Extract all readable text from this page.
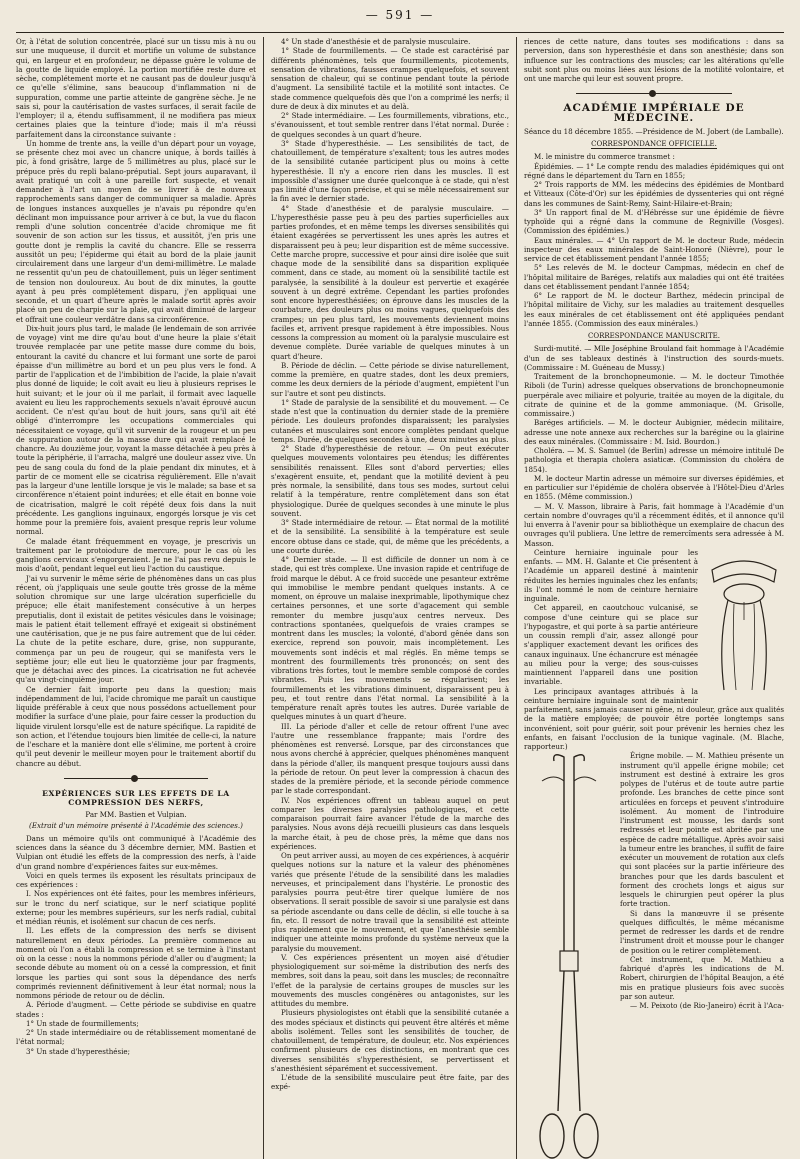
— 591 —

Or, à l'état de solution concentrée, placé sur un tissu mis à nu ou sur une muqueuse, il durcit et mortifie un volume de substance qui, en largeur et en profondeur, ne dépasse guère le volume de la goutte de liquide employé. La portion mortifiée reste dure et sèche, complétement morte et ne causant pas de douleur jusqu'à ce qu'elle s'élimine, sans beaucoup d'inflammation ni de suppuration, comme une partie atteinte de gangrène sèche. Je ne sais si, pour la cautérisation de vastes surfaces, il serait facile de l'employer; il a, étendu suffisamment, il ne modifiera pas mieux certaines plaies que la teinture d'iode; mais il m'a réussi parfaitement dans la circonstance suivante :

Un homme de trente ans, la veille d'un départ pour un voyage, se présente chez moi avec un chancre unique, à bords taillés à pic, à fond grisâtre, large de 5 millimètres au plus, placé sur le prépuce près du repli balano-préputial. Sept jours auparavant, il avait pratiqué un coït à une pareille fort suspecte, et venait demander à l'art un moyen de se livrer à de nouveaux rapprochements sans danger de communiquer sa maladie. Après de longues instances auxquelles je n'avais pu répondre qu'en déclinant mon impuissance pour arriver à ce but, la vue du flacon rempli d'une solution concentrée d'acide chromique me fit souvenir de son action sur les tissus, et aussitôt, j'en pris une goutte dont je remplis la cavité du chancre. Elle se resserra aussitôt un peu; l'épiderme qui était au bord de la plaie jaunit circulairement dans une largeur d'un demi-millimètre. Le malade ne ressentit qu'un peu de chatouillement, puis un léger sentiment de tension non douloureux. Au bout de dix minutes, la goutte ayant à peu près complétement disparu, j'en appliquai une seconde, et un quart d'heure après le malade sortit après avoir placé un peu de charpie sur la plaie, qui avait diminué de largeur et offrait une couleur verdâtre dans sa circonférence.

Dix-huit jours plus tard, le malade (le lendemain de son arrivée de voyage) vint me dire qu'au bout d'une heure la plaie s'était trouvée remplacée par une petite masse dure comme du bois, entourant la cavité du chancre et lui formant une sorte de paroi épaisse d'un millimètre au bord et un peu plus vers le fond. A partir de l'application et de l'imbibition de l'acide, la plaie n'avait plus donné de liquide; le coït avait eu lieu à plusieurs reprises le huit suivant; et le jour où il me parlait, il formait avec laquelle avaient eu lieu les rapprochements sexuels n'avait éprouvé aucun accident. Ce n'est qu'au bout de huit jours, sans qu'il ait été obligé d'interrompre les occupations commerciales qui nécessitaient ce voyage, qu'il vit survenir de la rougeur et un peu de suppuration autour de la masse dure qui avait remplacé le chancre. Au douzième jour, voyant la masse détachée à peu près à toute la périphérie, il l'arracha, malgré une douleur assez vive. Un peu de sang coula du fond de la plaie pendant dix minutes, et à partir de ce moment elle se cicatrisa régulièrement. Elle n'avait pas la largeur d'une lentille lorsque je vis le malade; sa base et sa circonférence n'étaient point indurées; et elle était en bonne voie de cicatrisation, malgré le coït répété deux fois dans la nuit précédente. Les ganglions inguinaux, engorgés lorsque je vis cet homme pour la première fois, avaient presque repris leur volume normal.

Ce malade étant fréquemment en voyage, je prescrivis un traitement par le protoiodure de mercure, pour le cas où les ganglions cervicaux s'engorgeraient. Je ne l'ai pas revu depuis le mois d'août, pendant lequel eut lieu l'action du caustique.

J'ai vu survenir le même série de phénomènes dans un cas plus récent, où j'appliquais une seule goutte très grosse de la même solution chromique sur une large ulcération superficielle du prépuce; elle était manifestement consécutive à un herpes preputialis, dont il existait de petites vésicules dans le voisinage; mais le patient était tellement effrayé et exigeait si obstinément une cautérisation, que je ne pus faire autrement que de lui céder. La chute de la petite eschare, dure, grise, non suppurante, commença par un peu de rougeur, qui se manifesta vers le septième jour; elle eut lieu le quatorzième jour par fragments, que je détachai avec des pinces. La cicatrisation ne fut achevée qu'au vingt-cinquième jour.

Ce dernier fait importe peu dans la question; mais indépendamment de lui, l'acide chromique me paraît un caustique liquide préférable à ceux que nous possédons actuellement pour modifier la surface d'une plaie, pour faire cesser la production du liquide virulent lorsqu'elle est de nature spécifique. La rapidité de son action, et l'étendue toujours bien limitée de celle-ci, la nature de l'eschare et la manière dont elle s'élimine, me portent à croire qu'il peut devenir le meilleur moyen pour le traitement abortif du chancre au début.

EXPÉRIENCES SUR LES EFFETS DE LA COMPRESSION DES NERFS,

Par MM. Bastien et Vulpian.

(Extrait d'un mémoire présenté à l'Académie des sciences.)

Dans un mémoire qu'ils ont communiqué à l'Académie des sciences dans la séance du 3 décembre dernier, MM. Bastien et Vulpian ont étudié les effets de la compression des nerfs, à l'aide d'un grand nombre d'expériences faites sur eux-mêmes.

Voici en quels termes ils exposent les résultats principaux de ces expériences :

I. Nos expériences ont été faites, pour les membres inférieurs, sur le tronc du nerf sciatique, sur le nerf sciatique poplité externe; pour les membres supérieurs, sur les nerfs radial, cubital et médian réunis, et isolément sur chacun de ces nerfs.

II. Les effets de la compression des nerfs se divisent naturellement en deux périodes. La première commence au moment où l'on a établi la compression et se termine à l'instant où on la cesse : nous la nommons période d'aller ou d'augment; la seconde débute au moment où on a cessé la compression, et finit lorsque les parties qui sont sous la dépendance des nerfs comprimés reviennent définitivement à leur état normal; nous la nommons période de retour ou de déclin.

A. Période d'augment. — Cette période se subdivise en quatre stades :

1° Un stade de fourmillements;

2° Un stade intermédiaire ou de rétablissement momentané de l'état normal;

3° Un stade d'hyperesthésie;

4° Un stade d'anesthésie et de paralysie musculaire.

1° Stade de fourmillements. — Ce stade est caractérisé par différents phénomènes, tels que fourmillements, picotements, sensation de vibrations, fausses crampes quelquefois, et souvent sensation de chaleur, qui se continue pendant toute la période d'augment. La sensibilité tactile et la motilité sont intactes. Ce stade commence quelquefois dès que l'on a comprimé les nerfs; il dure de deux à dix minutes et au delà.

2° Stade intermédiaire. — Les fourmillements, vibrations, etc., s'évanouissent, et tout semble rentrer dans l'état normal. Durée : de quelques secondes à un quart d'heure.

3° Stade d'hyperesthésie. — Les sensibilités de tact, de chatouillement, de température s'exaltent; tous les autres modes de la sensibilité cutanée participent plus ou moins à cette hyperesthésie. Il n'y a encore rien dans les muscles. Il est impossible d'assigner une durée quelconque à ce stade, qui n'est pas limité d'une façon précise, et qui se mêle nécessairement sur la fin avec le dernier stade.

4° Stade d'anesthésie et de paralysie musculaire. — L'hyperesthésie passe peu à peu des parties superficielles aux parties profondes, et en même temps les diverses sensibilités qui étaient exagérées se pervertissent les unes après les autres et disparaissent peu à peu; leur disparition est de même successive. Cette marche propre, successive et pour ainsi dire isolée que suit chaque mode de la sensibilité dans sa disparition expliquée comment, dans ce stade, au moment où la sensibilité tactile est paralysée, la sensibilité à la douleur est pervertie et exagérée souvent à un degré extrême. Cependant les parties profondes sont encore hyperesthésiées; on éprouve dans les muscles de la courbature, des douleurs plus ou moins vagues, quelquefois des crampes; un peu plus tard, les mouvements deviennent moins faciles et, arrivent presque rapidement à être impossibles. Nous cessons la compression au moment où la paralysie musculaire est devenue complète. Durée variable de quelques minutes à un quart d'heure.

B. Période de déclin. — Cette période se divise naturellement, comme la première, en quatre stades, dont les deux premiers, comme les deux derniers de la période d'augment, empiètent l'un sur l'autre et sont peu distincts.

1° Stade de paralysie de la sensibilité et du mouvement. — Ce stade n'est que la continuation du dernier stade de la première période. Les douleurs profondes disparaissent; les paralysies cutanées et musculaires sont encore complètes pendant quelque temps. Durée, de quelques secondes à une, deux minutes au plus.

2° Stade d'hyperesthésie de retour. — On peut exécuter quelques mouvements volontaires peu étendus; les différentes sensibilités renaissent. Elles sont d'abord perverties; elles s'exagèrent ensuite, et, pendant que la motilité devient à peu près normale, la sensibilité, dans tous ses modes, surtout celui relatif à la température, rentre complètement dans son état physiologique. Durée de quelques secondes à une minute le plus souvent.

3° Stade intermédiaire de retour. — État normal de la motilité et de la sensibilité. La sensibilité à la température est seule encore obtuse dans ce stade, qui, de même que les précédents, a une courte durée.

4° Dernier stade. — Il est difficile de donner un nom à ce stade, qui est très complexe. Une invasion rapide et centrifuge de froid marque le début. A ce froid succède une pesanteur extrême qui immobilise le membre pendant quelques instants. A ce moment, on éprouve un malaise inexprimable, lipothymique chez certaines personnes, et une sorte d'agacement qui semble remonter du membre jusqu'aux centres nerveux. Des contractions spontanées, quelquefois de vraies crampes se montrent dans les muscles; la volonté, d'abord gênée dans son exercice, reprend son pouvoir, mais incomplètement. Les mouvements sont indécis et mal réglés. En même temps se montrent des fourmillements très prononcés; on sent des vibrations très fortes, tout le membre semble composé de cordes vibrantes. Puis les mouvements se régularisent; les fourmillements et les vibrations diminuent, disparaissent peu à peu, et tout rentre dans l'état normal. La sensibilité à la température renaît après toutes les autres. Durée variable de quelques minutes à un quart d'heure.

III. La période d'aller et celle de retour offrent l'une avec l'autre une ressemblance frappante; mais l'ordre des phénomènes est renversé. Lorsque, par des circonstances que nous avons cherché à apprécier, quelques phénomènes manquent dans la période d'aller, ils manquent presque toujours aussi dans la période de retour. On peut lever la compression à chacun des stades de la première période, et la seconde période commence par le stade correspondant.

IV. Nos expériences offrent un tableau auquel on peut comparer les diverses paralysies pathologiques, et cette comparaison pourrait faire avancer l'étude de la marche des paralysies. Nous avons déjà recueilli plusieurs cas dans lesquels la marche était, à peu de chose près, la même que dans nos expériences.

On peut arriver aussi, au moyen de ces expériences, à acquérir quelques notions sur la nature et la valeur des phénomènes variés que présente l'étude de la sensibilité dans les maladies nerveuses, et principalement dans l'hystérie. Le pronostic des paralysies pourra peut-être tirer quelque lumière de nos observations. Il serait possible de savoir si une paralysie est dans sa période ascendante ou dans celle de déclin, si elle touche à sa fin, etc. Il ressort de notre travail que la sensibilité est atteinte plus rapidement que le mouvement, et que l'anesthésie semble indiquer une atteinte moins profonde du système nerveux que la paralysie du mouvement.

V. Ces expériences présentent un moyen aisé d'étudier physiologiquement sur soi-même la distribution des nerfs des membres, soit dans la peau, soit dans les muscles; de reconnaître l'effet de la paralysie de certains groupes de muscles sur les mouvements des muscles congénères ou antagonistes, sur les attitudes du membre.

Plusieurs physiologistes ont établi que la sensibilité cutanée a des modes spéciaux et distincts qui peuvent être altérés et même abolis isolément. Telles sont les sensibilités de toucher, de chatouillement, de température, de douleur, etc. Nos expériences confirment plusieurs de ces distinctions, en montrant que ces diverses sensibilités s'hyperesthésient, se pervertissent et s'anesthésient séparément et successivement.

L'étude de la sensibilité musculaire peut être faite, par des expé-

riences de cette nature, dans toutes ses modifications : dans sa perversion, dans son hyperesthésie et dans son anesthésie; dans son influence sur les contractions des muscles; car les altérations qu'elle subit sont plus ou moins liées aux lésions de la motilité volontaire, et ont une marche qui leur est souvent propre.

ACADÉMIE IMPÉRIALE DE MÉDECINE.

Séance du 18 décembre 1855. —Présidence de M. Jobert (de Lamballe).

CORRESPONDANCE OFFICIELLE.

M. le ministre du commerce transmet :

Épidémies. — 1° Le compte rendu des maladies épidémiques qui ont régné dans le département du Tarn en 1855;

2° Trois rapports de MM. les médecins des épidémies de Montbard et Vitteaux (Côte-d'Or) sur les épidémies de dyssenteries qui ont régné dans les communes de Saint-Remy, Saint-Hilaire-et-Brain;

3° Un rapport final de M. d'Hébrésse sur une épidémie de fièvre typhoïde qui a régné dans la commune de Regniville (Vosges). (Commission des épidémies.)

Eaux minérales. — 4° Un rapport de M. le docteur Rude, médecin inspecteur des eaux minérales de Saint-Honoré (Nièvre), pour le service de cet établissement pendant l'année 1855;

5° Les relevés de M. le docteur Campmas, médecin en chef de l'hôpital militaire de Baréges, relatifs aux maladies qui ont été traitées dans cet établissement pendant l'année 1854;

6° Le rapport de M. le docteur Barthez, médecin principal de l'hôpital militaire de Vichy, sur les maladies au traitement desquelles les eaux minérales de cet établissement ont été appliquées pendant l'année 1855. (Commission des eaux minérales.)

CORRESPONDANCE MANUSCRITE.

Surdi-mutité. — Mlle Joséphine Brouland fait hommage à l'Académie d'un de ses tableaux destinés à l'instruction des sourds-muets. (Commissaire : M. Guéneau de Mussy.)

Traitement de la bronchopneumonie. — M. le docteur Timothée Riboli (de Turin) adresse quelques observations de bronchopneumonie puerpérale avec miliaire et polyurie, traitée au moyen de la digitale, du citrate de quinine et de la gomme ammoniaque. (M. Grisolle, commissaire.)

Baréges artificiels. — M. le docteur Aubignier, médecin militaire, adresse une note annexe aux recherches sur la barégine ou la glairine des eaux minérales. (Commissaire : M. Isid. Bourdon.)

Choléra. — M. S. Samuel (de Berlin) adresse un mémoire intitulé De pathologia et therapia cholera asiaticæ. (Commission du choléra de 1854).

M. le docteur Martin adresse un mémoire sur diverses épidémies, et en particulier sur l'épidémie de choléra observée à l'Hôtel-Dieu d'Arles en 1855. (Même commission.)

— M. V. Masson, libraire à Paris, fait hommage à l'Académie d'un certain nombre d'ouvrages qu'il a récemment édités, et il annonce qu'il lui enverra à l'avenir pour sa bibliothèque un exemplaire de chacun des ouvrages qu'il publiera. Une lettre de remercîments sera adressée à M. Masson.

Ceinture herniaire inguinale pour les enfants. — MM. H. Galante et Cie présentent à l'Académie un appareil destiné à maintenir réduites les hernies inguinales chez les enfants; ils l'ont nommé le nom de ceinture herniaire inguinale.

Cet appareil, en caoutchouc vulcanisé, se compose d'une ceinture qui se place sur l'hypogastre, et qui porte à sa partie antérieure un coussin rempli d'air, assez allongé pour s'appliquer exactement devant les orifices des canaux inguinaux. Une échancrure est ménagée au milieu pour la verge; des sous-cuisses maintiennent l'appareil dans une position invariable.

Les principaux avantages attribués à la ceinture herniaire inguinale sont de maintenir parfaitement, sans jamais causer ni gêne, ni douleur, grâce aux qualités de la matière employée; de pouvoir être portée longtemps sans inconvénient, soit pour guérir, soit pour prévenir les hernies chez les enfants, en faisant l'occlusion de la tunique vaginale. (M. Blache, rapporteur.)

Érigne mobile. — M. Mathieu présente un instrument qu'il appelle érigne mobile; cet instrument est destiné à extraire les gros polypes de l'utérus et de toute autre partie profonde. Les branches de cette pince sont articulées en forceps et peuvent s'introduire isolément. Au moment de l'introduire l'instrument est mousse, les dards sont redressés et leur pointe est abritée par une espèce de cadre métallique. Après avoir saisi la tumeur entre les branches, il suffit de faire exécuter un mouvement de rotation aux clefs qui sont placées sur la partie inférieure des branches pour que les dards basculent et forment des crochets longs et aigus sur lesquels le chirurgien peut opérer la plus forte traction.

Si dans la manœuvre il se présente quelques difficultés, le même mécanisme permet de redresser les dards et de rendre l'instrument droit et mousse pour le changer de position ou le retirer complètement.

Cet instrument, que M. Mathieu a fabriqué d'après les indications de M. Robert, chirurgien de l'hôpital Beaujon, a été mis en pratique plusieurs fois avec succès par son auteur.

— M. Peixoto (de Rio-Janeiro) écrit à l'Aca-
